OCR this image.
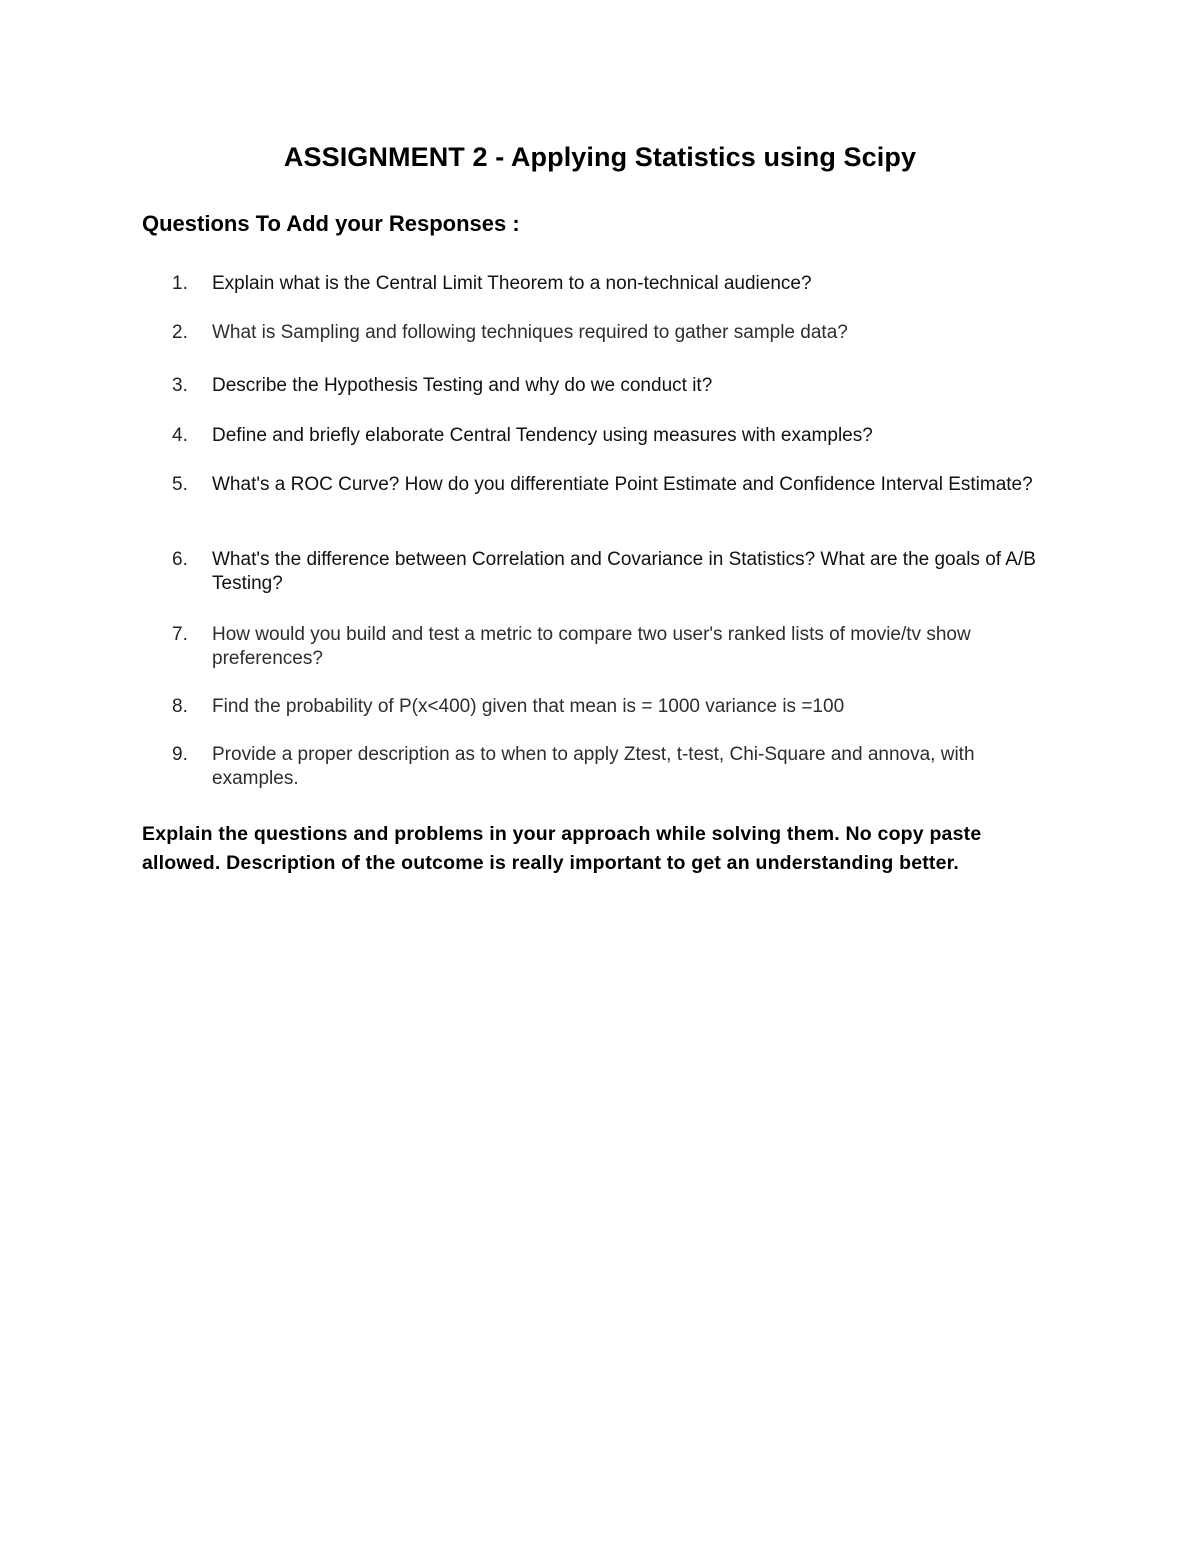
ASSIGNMENT 2 - Applying Statistics using Scipy
Questions To Add your Responses :
1.	Explain what is the Central Limit Theorem to a non-technical audience?
2.	What is Sampling and following techniques required to gather sample data?
3.	Describe the Hypothesis Testing and why do we conduct it?
4.	Define and briefly elaborate Central Tendency using measures with examples?
5.	What's a ROC Curve? How do you differentiate Point Estimate and Confidence Interval Estimate?
6.	What's the difference between Correlation and Covariance in Statistics? What are the goals of A/B Testing?
7.	How would you build and test a metric to compare two user's ranked lists of movie/tv show preferences?
8.	Find the probability of P(x<400) given that mean is = 1000 variance is =100
9.	Provide a proper description as to when to apply Ztest, t-test, Chi-Square and annova, with examples.
Explain the questions and problems in your approach while solving them. No copy paste allowed. Description of the outcome is really important to get an understanding better.
